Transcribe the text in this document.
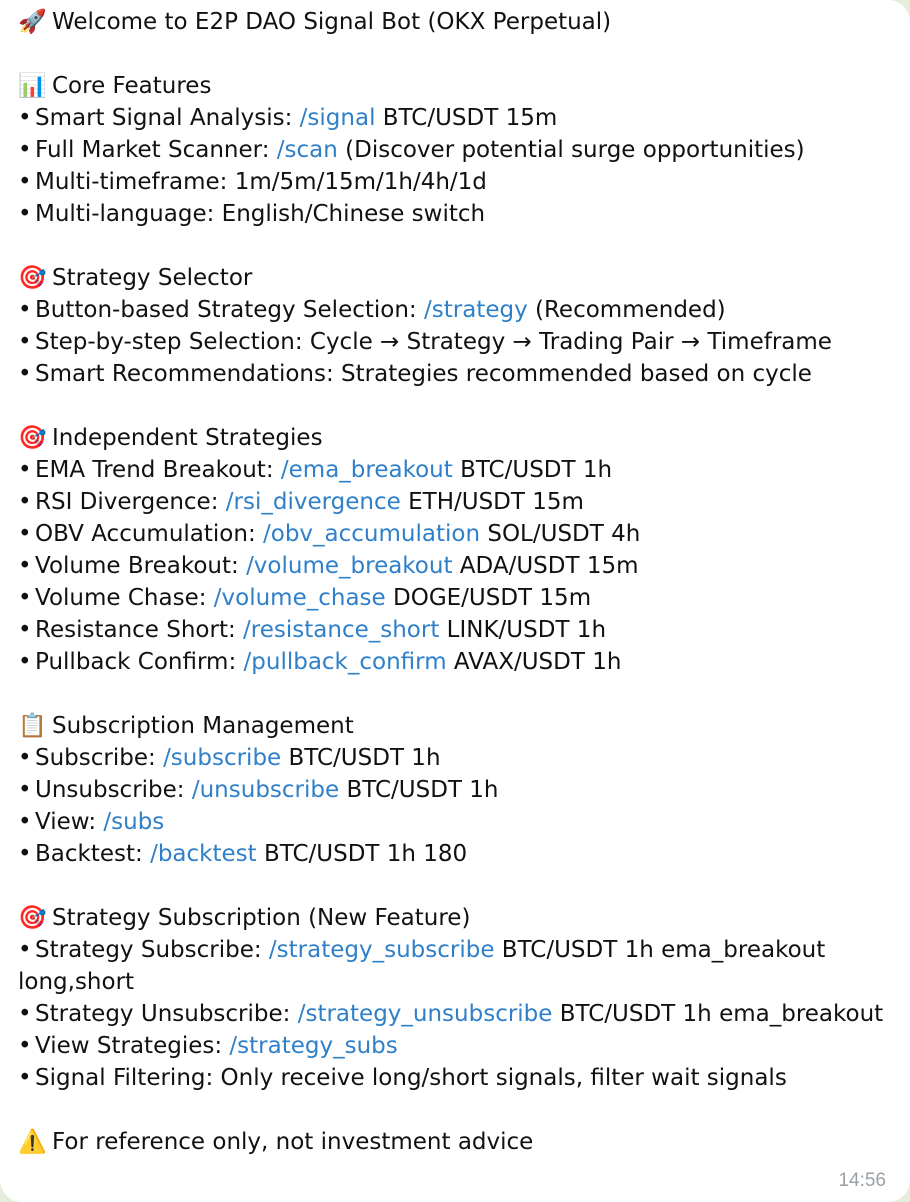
🚀 Welcome to E2P DAO Signal Bot (OKX Perpetual)
📊 Core Features
• Smart Signal Analysis: /signal BTC/USDT 15m
• Full Market Scanner: /scan (Discover potential surge opportunities)
• Multi-timeframe: 1m/5m/15m/1h/4h/1d
• Multi-language: English/Chinese switch
🎯 Strategy Selector
• Button-based Strategy Selection: /strategy (Recommended)
• Step-by-step Selection: Cycle → Strategy → Trading Pair → Timeframe
• Smart Recommendations: Strategies recommended based on cycle
🎯 Independent Strategies
• EMA Trend Breakout: /ema_breakout BTC/USDT 1h
• RSI Divergence: /rsi_divergence ETH/USDT 15m
• OBV Accumulation: /obv_accumulation SOL/USDT 4h
• Volume Breakout: /volume_breakout ADA/USDT 15m
• Volume Chase: /volume_chase DOGE/USDT 15m
• Resistance Short: /resistance_short LINK/USDT 1h
• Pullback Confirm: /pullback_confirm AVAX/USDT 1h
📋 Subscription Management
• Subscribe: /subscribe BTC/USDT 1h
• Unsubscribe: /unsubscribe BTC/USDT 1h
• View: /subs
• Backtest: /backtest BTC/USDT 1h 180
🎯 Strategy Subscription (New Feature)
• Strategy Subscribe: /strategy_subscribe BTC/USDT 1h ema_breakout long,short
• Strategy Unsubscribe: /strategy_unsubscribe BTC/USDT 1h ema_breakout
• View Strategies: /strategy_subs
• Signal Filtering: Only receive long/short signals, filter wait signals
⚠️ For reference only, not investment advice
14:56
